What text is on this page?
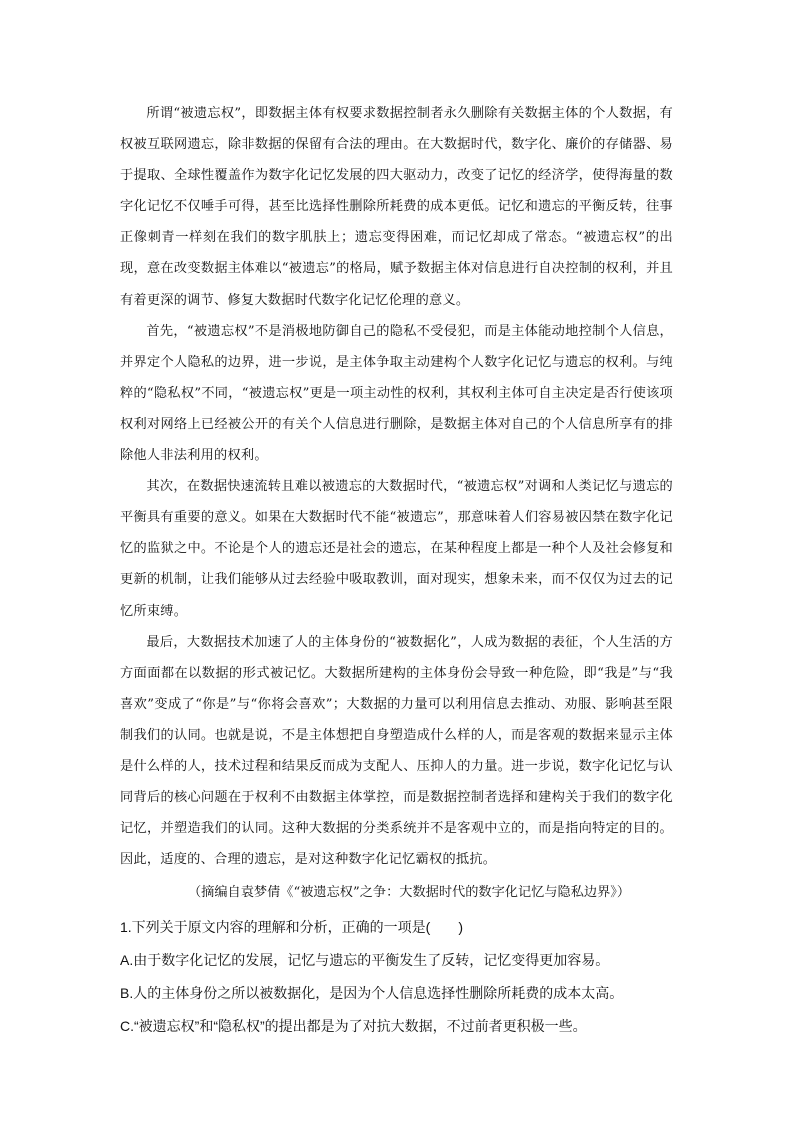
所谓“被遗忘权”，即数据主体有权要求数据控制者永久删除有关数据主体的个人数据，有权被互联网遗忘，除非数据的保留有合法的理由。在大数据时代，数字化、廉价的存储器、易于提取、全球性覆盖作为数字化记忆发展的四大驱动力，改变了记忆的经济学，使得海量的数字化记忆不仅唾手可得，甚至比选择性删除所耗费的成本更低。记忆和遗忘的平衡反转，往事正像刺青一样刻在我们的数字肌肤上；遗忘变得困难，而记忆却成了常态。“被遗忘权”的出现，意在改变数据主体难以“被遗忘”的格局，赋予数据主体对信息进行自决控制的权利，并且有着更深的调节、修复大数据时代数字化记忆伦理的意义。

首先，“被遗忘权”不是消极地防御自己的隐私不受侵犯，而是主体能动地控制个人信息，并界定个人隐私的边界，进一步说，是主体争取主动建构个人数字化记忆与遗忘的权利。与纯粹的“隐私权”不同，“被遗忘权”更是一项主动性的权利，其权利主体可自主决定是否行使该项权利对网络上已经被公开的有关个人信息进行删除，是数据主体对自己的个人信息所享有的排除他人非法利用的权利。

其次，在数据快速流转且难以被遗忘的大数据时代，“被遗忘权”对调和人类记忆与遗忘的平衡具有重要的意义。如果在大数据时代不能“被遗忘”，那意味着人们容易被囚禁在数字化记忆的监狱之中。不论是个人的遗忘还是社会的遗忘，在某种程度上都是一种个人及社会修复和更新的机制，让我们能够从过去经验中吸取教训，面对现实，想象未来，而不仅仅为过去的记忆所束缚。

最后，大数据技术加速了人的主体身份的“被数据化”，人成为数据的表征，个人生活的方方面面都在以数据的形式被记忆。大数据所建构的主体身份会导致一种危险，即“我是”与“我喜欢”变成了“你是”与“你将会喜欢”；大数据的力量可以利用信息去推动、劝服、影响甚至限制我们的认同。也就是说，不是主体想把自身塑造成什么样的人，而是客观的数据来显示主体是什么样的人，技术过程和结果反而成为支配人、压抑人的力量。进一步说，数字化记忆与认同背后的核心问题在于权利不由数据主体掌控，而是数据控制者选择和建构关于我们的数字化记忆，并塑造我们的认同。这种大数据的分类系统并不是客观中立的，而是指向特定的目的。因此，适度的、合理的遗忘，是对这种数字化记忆霸权的抵抗。

（摘编自袁梦倩《“被遗忘权”之争：大数据时代的数字化记忆与隐私边界》）
1.下列关于原文内容的理解和分析，正确的一项是(　　)
A.由于数字化记忆的发展，记忆与遗忘的平衡发生了反转，记忆变得更加容易。
B.人的主体身份之所以被数据化，是因为个人信息选择性删除所耗费的成本太高。
C.“被遗忘权”和“隐私权”的提出都是为了对抗大数据，不过前者更积极一些。
